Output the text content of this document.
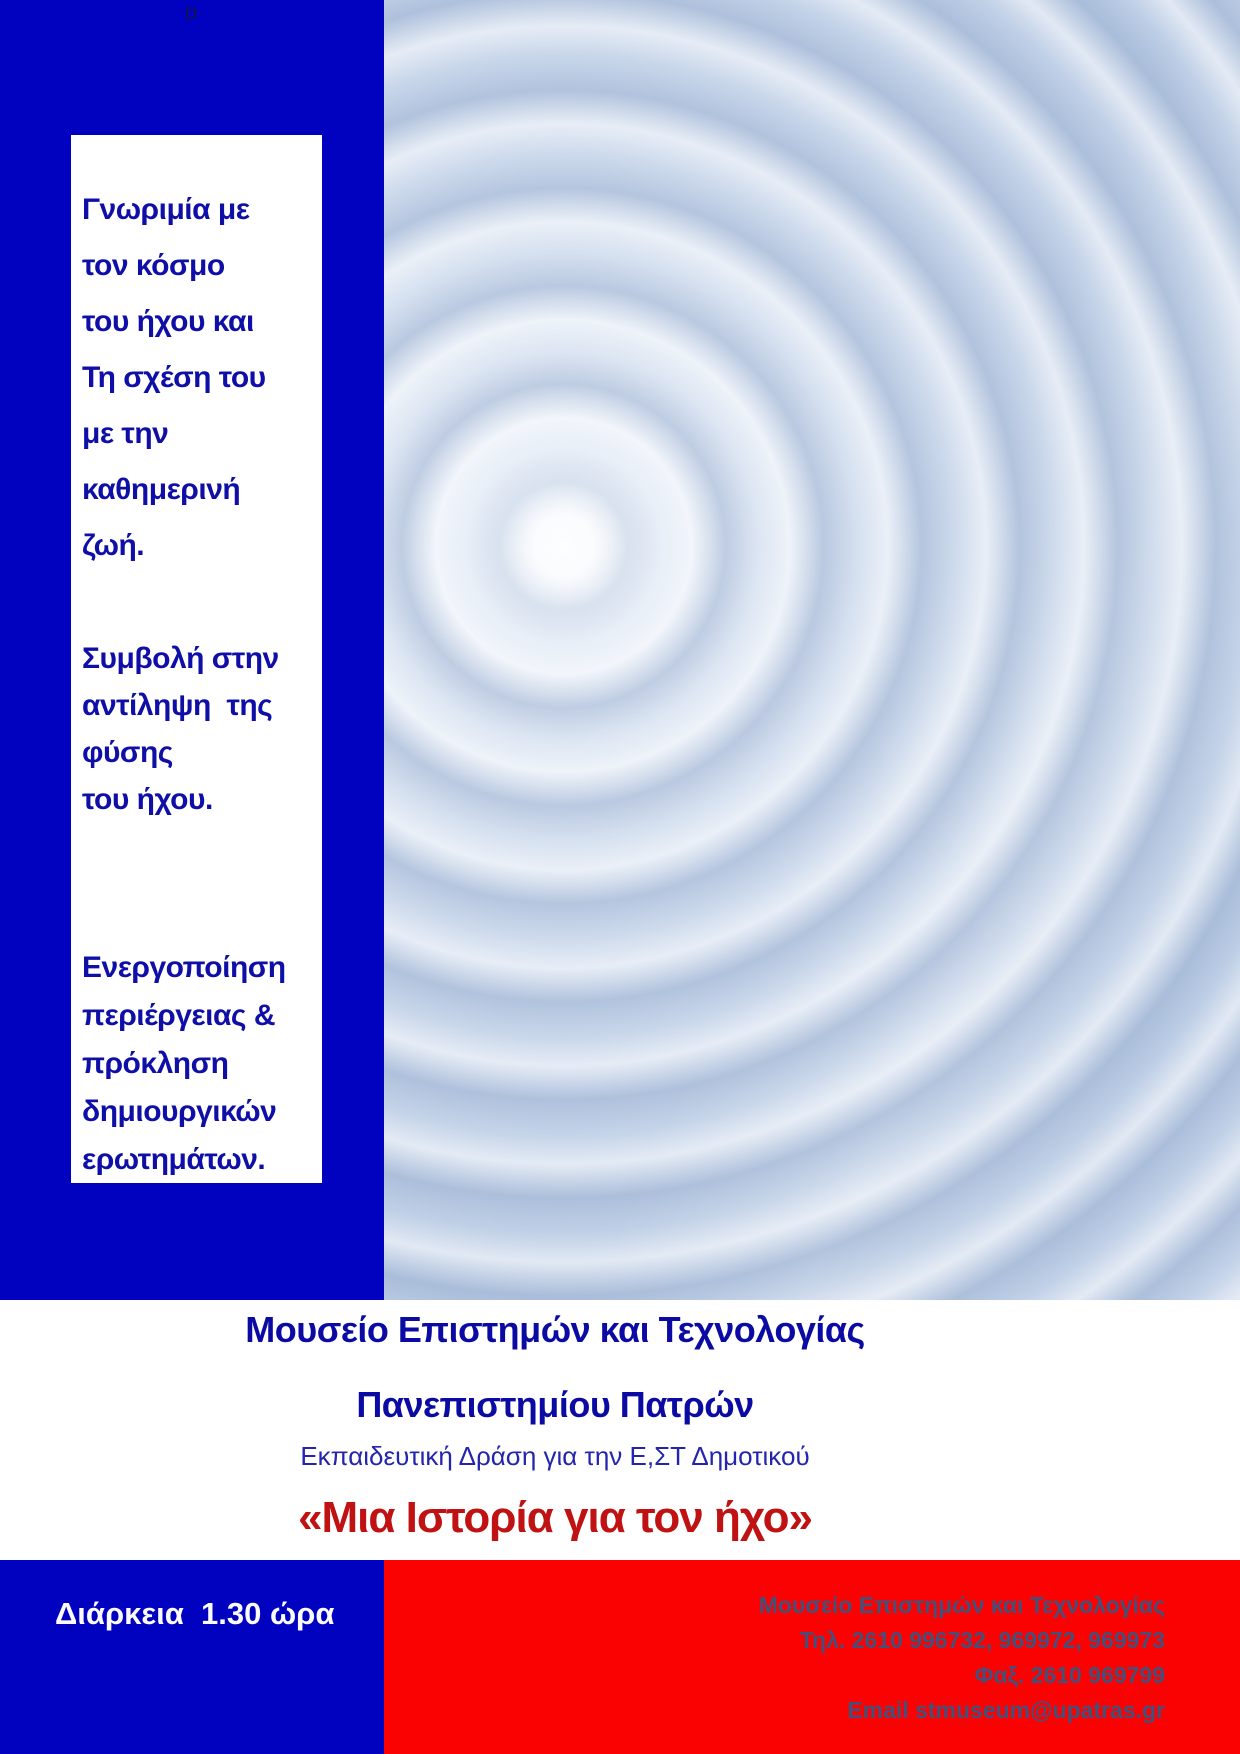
D

Γνωριμία με
τον κόσμο
του ήχου και
Τη σχέση του
με την
καθημερινή
ζωή.

Συμβολή στην
αντίληψη  της
φύσης
του ήχου.

Ενεργοποίηση
περιέργειας &
πρόκληση
δημιουργικών
ερωτημάτων.

Μουσείο Επιστημών και Τεχνολογίας
Πανεπιστημίου Πατρών
Εκπαιδευτική Δράση για την Ε,ΣΤ Δημοτικού
«Μια Ιστορία για τον ήχο»
Διάρκεια  1.30 ώρα	Μουσείο Επιστημών και Τεχνολογίας
Τηλ. 2610 996732, 969972, 969973
Φαξ. 2610 969799
Email stmuseum@upatras.gr
